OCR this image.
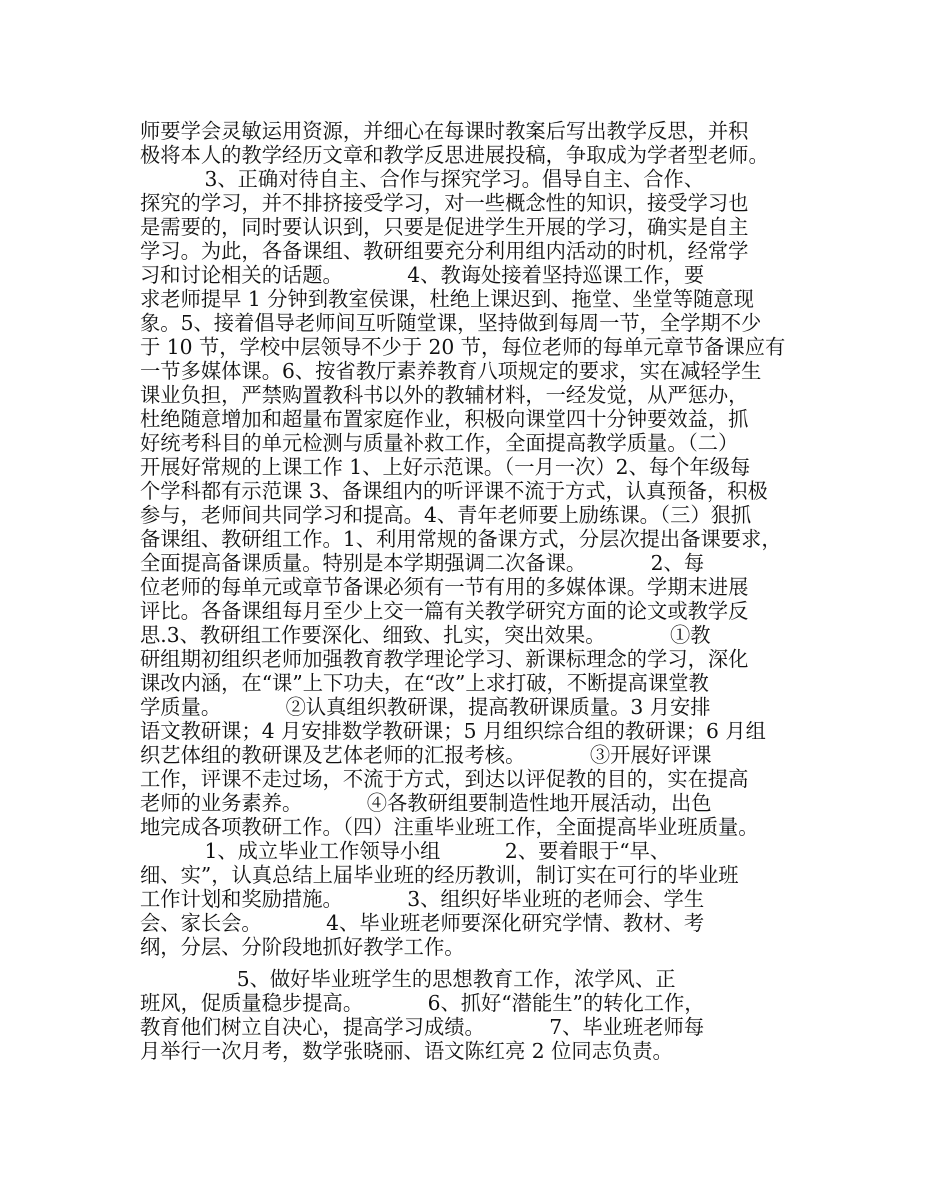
师要学会灵敏运用资源，并细心在每课时教案后写出教学反思，并积
极将本人的教学经历文章和教学反思进展投稿，争取成为学者型老师。
3、正确对待自主、合作与探究学习。倡导自主、合作、
探究的学习，并不排挤接受学习，对一些概念性的知识，接受学习也
是需要的，同时要认识到，只要是促进学生开展的学习，确实是自主
学习。为此，各备课组、教研组要充分利用组内活动的时机，经常学
习和讨论相关的话题。          4、教诲处接着坚持巡课工作，要
求老师提早 1 分钟到教室侯课，杜绝上课迟到、拖堂、坐堂等随意现
象。5、接着倡导老师间互听随堂课，坚持做到每周一节，全学期不少
于 10 节，学校中层领导不少于 20 节，每位老师的每单元章节备课应有
一节多媒体课。6、按省教厅素养教育八项规定的要求，实在减轻学生
课业负担，严禁购置教科书以外的教辅材料，一经发觉，从严惩办，
杜绝随意增加和超量布置家庭作业，积极向课堂四十分钟要效益，抓
好统考科目的单元检测与质量补救工作，全面提高教学质量。（二）
开展好常规的上课工作 1、上好示范课。（一月一次）2、每个年级每
个学科都有示范课 3、备课组内的听评课不流于方式，认真预备，积极
参与，老师间共同学习和提高。4、青年老师要上励练课。（三）狠抓
备课组、教研组工作。1、利用常规的备课方式，分层次提出备课要求，
全面提高备课质量。特别是本学期强调二次备课。          2、每
位老师的每单元或章节备课必须有一节有用的多媒体课。学期末进展
评比。各备课组每月至少上交一篇有关教学研究方面的论文或教学反
思.3、教研组工作要深化、细致、扎实，突出效果。          ①教
研组期初组织老师加强教育教学理论学习、新课标理念的学习，深化
课改内涵，在“课”上下功夫，在“改”上求打破，不断提高课堂教
学质量。          ②认真组织教研课，提高教研课质量。3 月安排
语文教研课；4 月安排数学教研课；5 月组织综合组的教研课；6 月组
织艺体组的教研课及艺体老师的汇报考核。          ③开展好评课
工作，评课不走过场，不流于方式，到达以评促教的目的，实在提高
老师的业务素养。          ④各教研组要制造性地开展活动，出色
地完成各项教研工作。（四）注重毕业班工作，全面提高毕业班质量。
1、成立毕业工作领导小组          2、要着眼于“早、
细、实”，认真总结上届毕业班的经历教训，制订实在可行的毕业班
工作计划和奖励措施。          3、组织好毕业班的老师会、学生
会、家长会。          4、毕业班老师要深化研究学情、教材、考
纲，分层、分阶段地抓好教学工作。
5、做好毕业班学生的思想教育工作，浓学风、正
班风，促质量稳步提高。          6、抓好“潜能生”的转化工作，
教育他们树立自决心，提高学习成绩。          7、毕业班老师每
月举行一次月考，数学张晓丽、语文陈红亮 2 位同志负责。
